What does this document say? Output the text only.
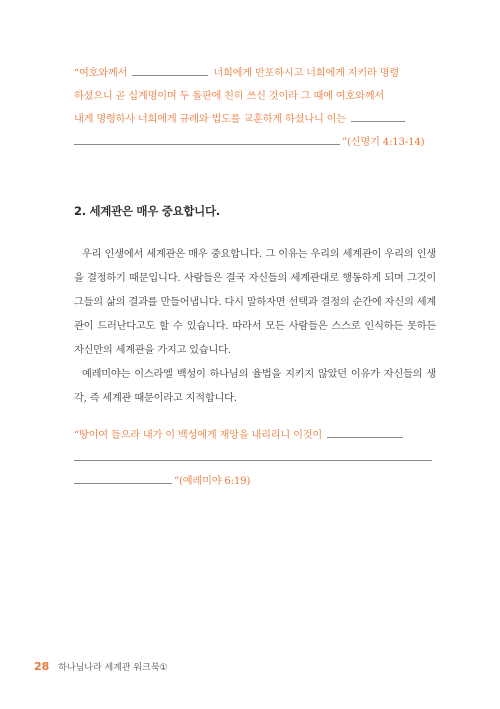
“여호와께서	너희에게 반포하시고 너희에게 지키라 명령
하셨으니 곧 십계명이며 두 돌판에 친히 쓰신 것이라 그 때에 여호와께서
내게 명령하사 너희에게 규례와 법도를 교훈하게 하셨나니 이는
”(신명기 4:13-14)
2. 세계관은 매우 중요합니다.

우리 인생에서 세계관은 매우 중요합니다. 그 이유는 우리의 세계관이 우리의 인생을 결정하기 때문입니다. 사람들은 결국 자신들의 세계관대로 행동하게 되며 그것이 그들의 삶의 결과를 만들어냅니다. 다시 말하자면 선택과 결정의 순간에 자신의 세계관이 드러난다고도 할 수 있습니다. 따라서 모든 사람들은 스스로 인식하든 못하든 자신만의 세계관을 가지고 있습니다.

예레미야는 이스라엘 백성이 하나님의 율법을 지키지 않았던 이유가 자신들의 생각, 즉 세계관 때문이라고 지적합니다.

“땅이여 들으라 내가 이 백성에게 재앙을 내리리니 이것이
”(예레미야 6:19)
28 하나님나라 세계관 워크북①
